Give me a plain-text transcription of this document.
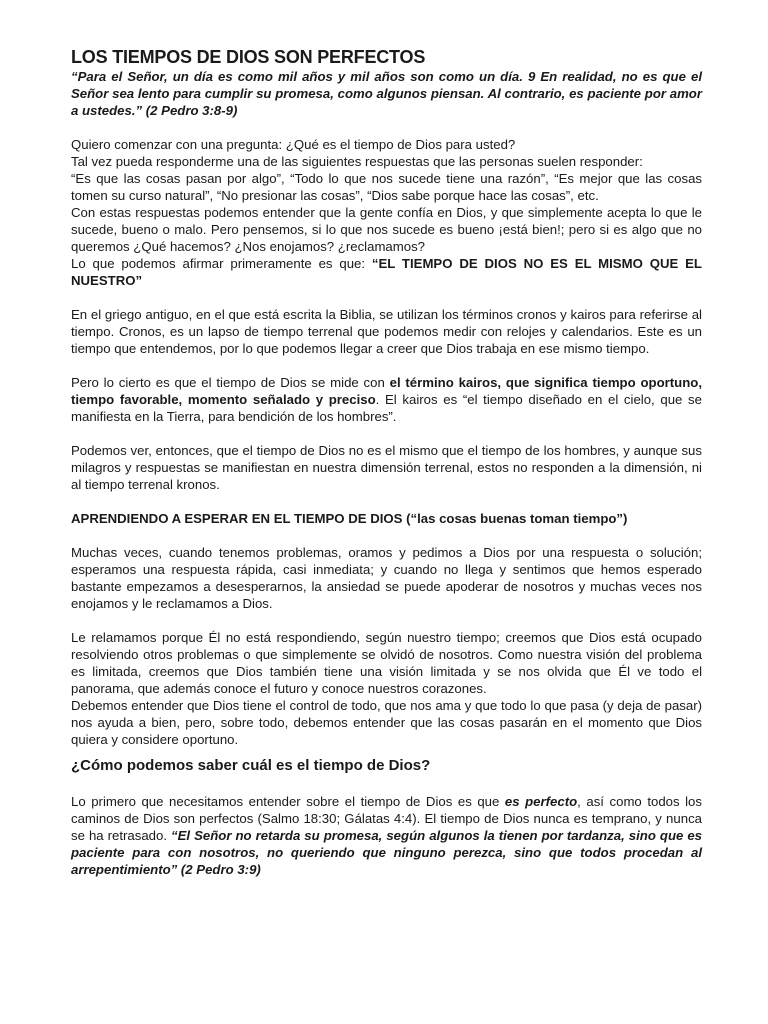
LOS TIEMPOS DE DIOS SON PERFECTOS

“Para el Señor, un día es como mil años y mil años son como un día. 9 En realidad, no es que el Señor sea lento para cumplir su promesa, como algunos piensan. Al contrario, es paciente por amor a ustedes.” (2 Pedro 3:8-9)

Quiero comenzar con una pregunta: ¿Qué es el tiempo de Dios para usted?

Tal vez pueda responderme una de las siguientes respuestas que las personas suelen responder:

“Es que las cosas pasan por algo”, “Todo lo que nos sucede tiene una razón”, “Es mejor que las cosas tomen su curso natural”, “No presionar las cosas”, “Dios sabe porque hace las cosas”, etc.

Con estas respuestas podemos entender que la gente confía en Dios, y que simplemente acepta lo que le sucede, bueno o malo. Pero pensemos, si lo que nos sucede es bueno ¡está bien!; pero si es algo que no queremos ¿Qué hacemos? ¿Nos enojamos? ¿reclamamos?

Lo que podemos afirmar primeramente es que: “EL TIEMPO DE DIOS NO ES EL MISMO QUE EL NUESTRO”

En el griego antiguo, en el que está escrita la Biblia, se utilizan los términos cronos y kairos para referirse al tiempo. Cronos, es un lapso de tiempo terrenal que podemos medir con relojes y calendarios. Este es un tiempo que entendemos, por lo que podemos llegar a creer que Dios trabaja en ese mismo tiempo.

Pero lo cierto es que el tiempo de Dios se mide con el término kairos, que significa tiempo oportuno, tiempo favorable, momento señalado y preciso. El kairos es “el tiempo diseñado en el cielo, que se manifiesta en la Tierra, para bendición de los hombres”.

Podemos ver, entonces, que el tiempo de Dios no es el mismo que el tiempo de los hombres, y aunque sus milagros y respuestas se manifiestan en nuestra dimensión terrenal, estos no responden a la dimensión, ni al tiempo terrenal kronos.

APRENDIENDO A ESPERAR EN EL TIEMPO DE DIOS (“las cosas buenas toman tiempo”)

Muchas veces, cuando tenemos problemas, oramos y pedimos a Dios por una respuesta o solución; esperamos una respuesta rápida, casi inmediata; y cuando no llega y sentimos que hemos esperado bastante empezamos a desesperarnos, la ansiedad se puede apoderar de nosotros y muchas veces nos enojamos y le reclamamos a Dios.

Le relamamos porque Él no está respondiendo, según nuestro tiempo; creemos que Dios está ocupado resolviendo otros problemas o que simplemente se olvidó de nosotros. Como nuestra visión del problema es limitada, creemos que Dios también tiene una visión limitada y se nos olvida que Él ve todo el panorama, que además conoce el futuro y conoce nuestros corazones.

Debemos entender que Dios tiene el control de todo, que nos ama y que todo lo que pasa (y deja de pasar) nos ayuda a bien, pero, sobre todo, debemos entender que las cosas pasarán en el momento que Dios quiera y considere oportuno.

¿Cómo podemos saber cuál es el tiempo de Dios?

Lo primero que necesitamos entender sobre el tiempo de Dios es que es perfecto, así como todos los caminos de Dios son perfectos (Salmo 18:30; Gálatas 4:4). El tiempo de Dios nunca es temprano, y nunca se ha retrasado. “El Señor no retarda su promesa, según algunos la tienen por tardanza, sino que es paciente para con nosotros, no queriendo que ninguno perezca, sino que todos procedan al arrepentimiento” (2 Pedro 3:9)
